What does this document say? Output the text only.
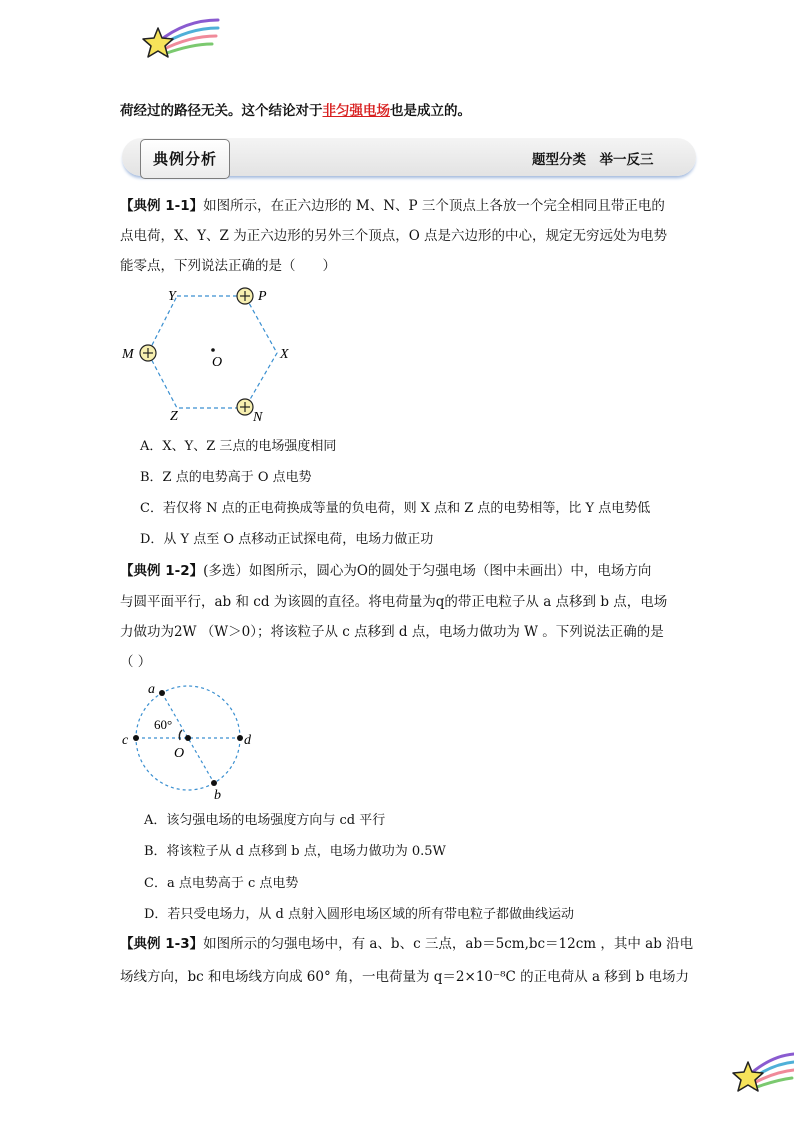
荷经过的路径无关。这个结论对于非匀强电场也是成立的。
典例分析	题型分类　举一反三
【典例 1-1】如图所示，在正六边形的 M、N、P 三个顶点上各放一个完全相同且带正电的
点电荷，X、Y、Z 为正六边形的另外三个顶点，O 点是六边形的中心，规定无穷远处为电势
能零点，下列说法正确的是（　　）
Y	P
M	X
O
Z	N
A．X、Y、Z 三点的电场强度相同
B．Z 点的电势高于 O 点电势
C．若仅将 N 点的正电荷换成等量的负电荷，则 X 点和 Z 点的电势相等，比 Y 点电势低
D．从 Y 点至 O 点移动正试探电荷，电场力做正功
【典例 1-2】(多选）如图所示，圆心为O的圆处于匀强电场（图中未画出）中，电场方向
与圆平面平行，ab 和 cd 为该圆的直径。将电荷量为q的带正电粒子从 a 点移到 b 点，电场
力做功为2W （W＞0）；将该粒子从 c 点移到 d 点，电场力做功为 W 。下列说法正确的是
（ ）
a
b
c	d
O
60°
A．该匀强电场的电场强度方向与 cd 平行
B．将该粒子从 d 点移到 b 点，电场力做功为 0.5W
C．a 点电势高于 c 点电势
D．若只受电场力，从 d 点射入圆形电场区域的所有带电粒子都做曲线运动
【典例 1-3】如图所示的匀强电场中，有 a、b、c 三点，ab＝5cm,bc＝12cm ，其中 ab 沿电
场线方向，bc 和电场线方向成 60° 角，一电荷量为 q＝2×10⁻⁸C 的正电荷从 a 移到 b 电场力
